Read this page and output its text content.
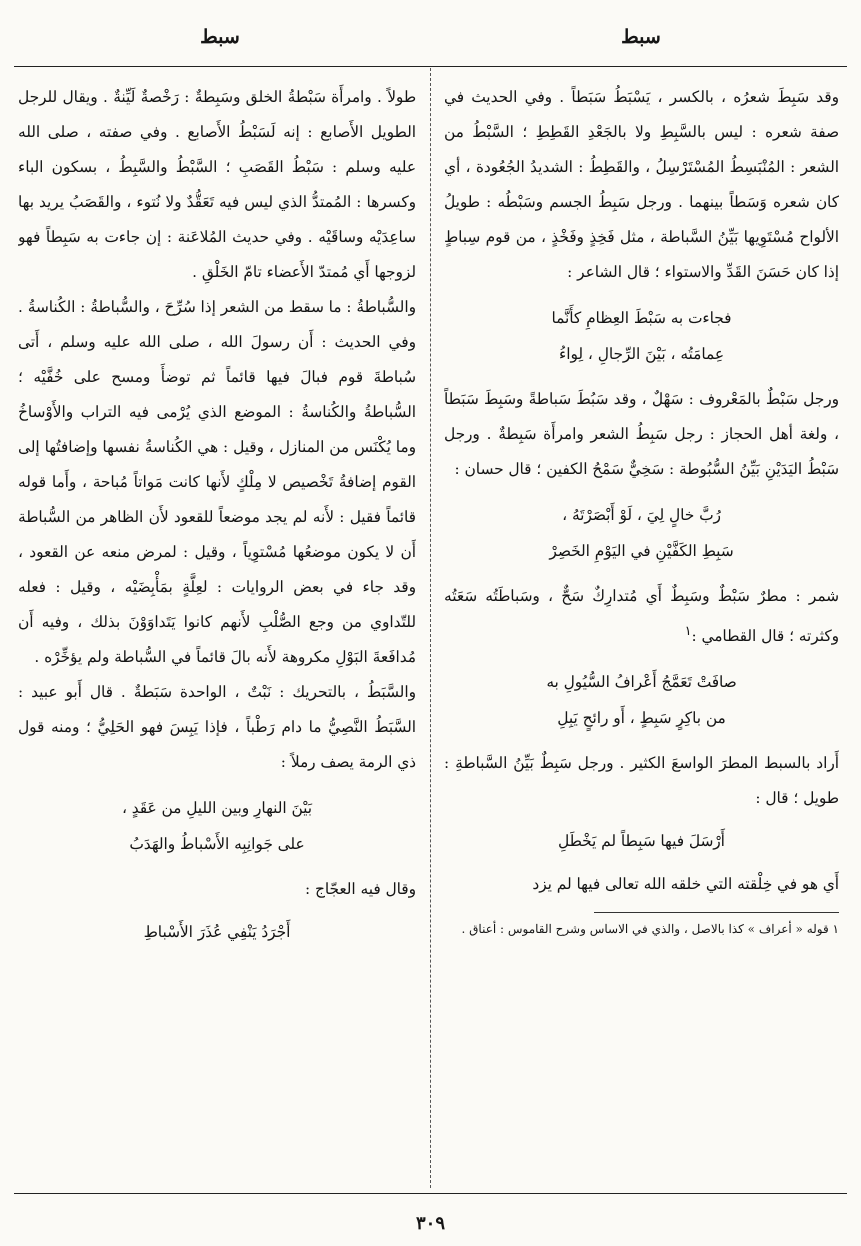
سبط
سبط

وقد سَبِطَ شعرُه ، بالكسر ، يَسْبَطُ سَبَطاً . وفي الحديث في صفة شعره : ليس بالسَّبِطِ ولا بالجَعْدِ القَطِطِ ؛ السَّبْطُ من الشعر : المُنْبَسِطُ المُسْتَرْسِلُ ، والقَطِطُ : الشديدُ الجُعُودة ، أي كان شعره وَسَطاً بينهما . ورجل سَبِطُ الجسم وسَبْطُه : طويلُ الألواح مُسْتَوِيها بَيِّنُ السَّباطة ، مثل فَخِذٍ وفَخْذٍ ، من قوم سِباطٍ إذا كان حَسَنَ القَدِّ والاستواء ؛ قال الشاعر :

فجاءت به سَبْطَ العِظامِ كأَنَّما
عِمامَتُه ، بَيْنَ الرِّجالِ ، لِواءُ

ورجل سَبْطٌ بالمَعْروف : سَهْلٌ ، وقد سَبُطَ سَباطةً وسَبِطَ سَبَطاً ، ولغة أهل الحجاز : رجل سَبِطُ الشعر وامرأَة سَبِطةٌ . ورجل سَبْطُ اليَدَيْنِ بَيِّنُ السُّبُوطة : سَخِيٌّ سَمْحُ الكفين ؛ قال حسان :

رُبَّ خالٍ لِيَ ، لَوْ أَبْصَرْتَهُ ،
سَبِطِ الكَفَّيْنِ في اليَوْمِ الخَصِرْ

شمر : مطرٌ سَبْطٌ وسَبِطٌ أَي مُتدارِكٌ سَحٌّ ، وسَباطَتُه سَعَتُه وكثرته ؛ قال القطامي :$^١$

صافَتْ تَعَمَّجُ أَعْرافُ السُّيُولِ به
من باكِرٍ سَبِطٍ ، أَو رائحٍ يَبِلِ

أَراد بالسبط المطرَ الواسعَ الكثير . ورجل سَبِطٌ بَيِّنُ السَّباطةِ : طويل ؛ قال :

أَرْسَلَ فيها سَبِطاً لم يَخْطَلِ

أَي هو في خِلْقته التي خلقه الله تعالى فيها لم يزد

١ قوله « أعراف » كذا بالاصل ، والذي في الاساس وشرح القاموس : أعناق .

طولاً . وامرأَة سَبْطةُ الخلق وسَبِطةٌ : رَخْصةٌ لَيِّنةٌ . ويقال للرجل الطويل الأَصابع : إنه لَسَبْطُ الأَصابع . وفي صفته ، صلى الله عليه وسلم : سَبْطُ القَصَبِ ؛ السَّبْطُ والسَّبِطُ ، بسكون الباء وكسرها : المُمتدُّ الذي ليس فيه تَعَقُّدٌ ولا نُتوء ، والقَصَبُ يريد بها ساعِدَيْه وساقَيْه . وفي حديث المُلاعَنة : إن جاءت به سَبِطاً فهو لزوجها أَي مُمتدّ الأَعضاء تامّ الخَلْقِ .

والسُّباطةُ : ما سقط من الشعر إذا سُرِّحَ ، والسُّباطةُ : الكُناسةُ . وفي الحديث : أَن رسولَ الله ، صلى الله عليه وسلم ، أَتى سُباطةَ قوم فبالَ فيها قائماً ثم توضأَ ومسح على خُفَّيْه ؛ السُّباطةُ والكُناسةُ : الموضع الذي يُرْمى فيه التراب والأَوْساخُ وما يُكْنَس من المنازل ، وقيل : هي الكُناسةُ نفسها وإضافتُها إلى القوم إضافةُ تَخْصيص لا مِلْكٍ لأَنها كانت مَواتاً مُباحة ، وأَما قوله قائماً فقيل : لأَنه لم يجد موضعاً للقعود لأَن الظاهر من السُّباطة أَن لا يكون موضعُها مُسْتوِياً ، وقيل : لمرض منعه عن القعود ، وقد جاء في بعض الروايات : لعِلَّةٍ بمَأْبِضَيْه ، وقيل : فعله للتّداوي من وجع الصُّلْبِ لأَنهم كانوا يَتَداوَوْنَ بذلك ، وفيه أَن مُدافَعةَ البَوْلِ مكروهة لأَنه بالَ قائماً في السُّباطة ولم يؤخِّرْه .

والسَّبَطُ ، بالتحريك : نَبْتٌ ، الواحدة سَبَطةٌ . قال أَبو عبيد : السَّبَطُ النَّصِيُّ ما دام رَطْباً ، فإذا يَبِسَ فهو الحَلِيُّ ؛ ومنه قول ذي الرمة يصف رملاً :

بَيْنَ النهارِ وبين الليلِ من عَقَدٍ ،
على جَوانِبِه الأَسْباطُ والهَدَبُ

وقال فيه العجّاج :

أَجْرَدُ يَنْفِي عُذَرَ الأَسْباطِ

٣٠٩
